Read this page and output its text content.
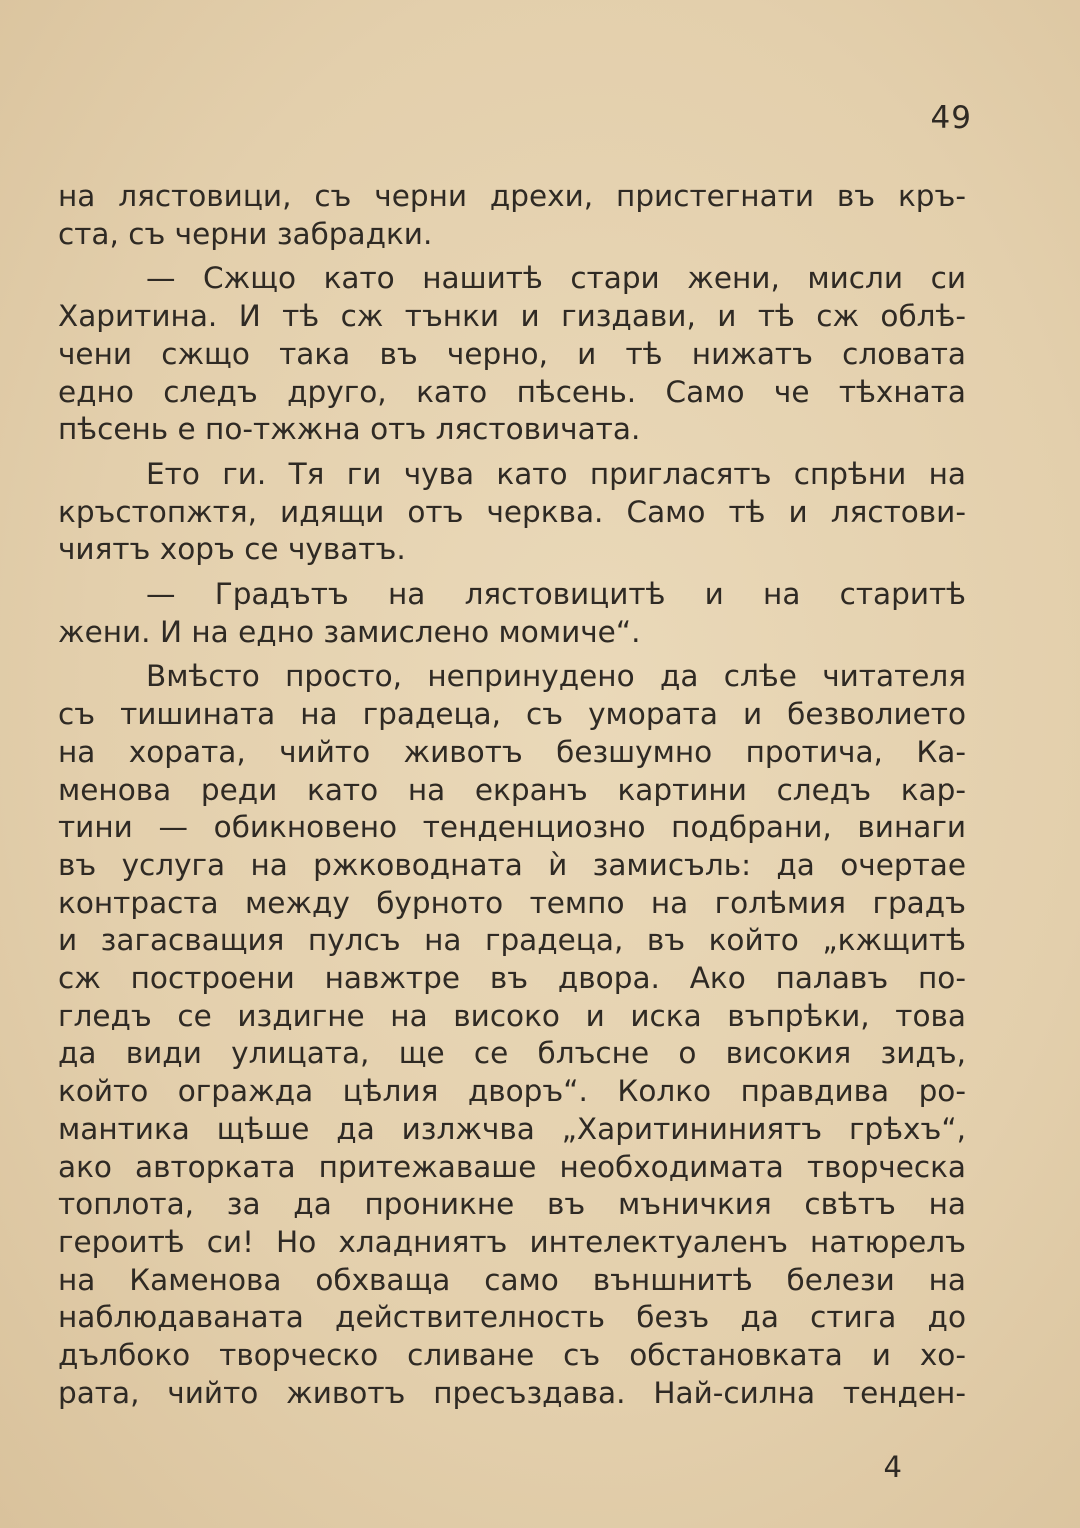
49
на лястовици, съ черни дрехи, пристегнати въ кръ-
ста, съ черни забрадки.
— Сжщо като нашитѣ стари жени, мисли си
Харитина. И тѣ сж тънки и гиздави, и тѣ сж облѣ-
чени сжщо така въ черно, и тѣ нижатъ словата
едно следъ друго, като пѣсень. Само че тѣхната
пѣсень е по-тжжна отъ лястовичата.
Ето ги. Тя ги чува като пригласятъ спрѣни на
кръстопжтя, идящи отъ черква. Само тѣ и лястови-
чиятъ хоръ се чуватъ.
— Градътъ на лястовицитѣ и на старитѣ
жени. И на едно замислено момиче“.
Вмѣсто просто, непринудено да слѣе читателя
съ тишината на градеца, съ умората и безволието
на хората, чийто животъ безшумно протича, Ка-
менова реди като на екранъ картини следъ кар-
тини — обикновено тенденциозно подбрани, винаги
въ услуга на ржководната ѝ замисъль: да очертае
контраста между бурното темпо на голѣмия градъ
и загасващия пулсъ на градеца, въ който „кжщитѣ
сж построени навжтре въ двора. Ако палавъ по-
гледъ се издигне на високо и иска въпрѣки, това
да види улицата, ще се блъсне о високия зидъ,
който огражда цѣлия дворъ“. Колко правдива ро-
мантика щѣше да излжчва „Харитининиятъ грѣхъ“,
ако авторката притежаваше необходимата творческа
топлота, за да проникне въ мъничкия свѣтъ на
героитѣ си! Но хладниятъ интелектуаленъ натюрелъ
на Каменова обхваща само външнитѣ белези на
наблюдаваната действителность безъ да стига до
дълбоко творческо сливане съ обстановката и хо-
рата, чийто животъ пресъздава. Най-силна тенден-
4
